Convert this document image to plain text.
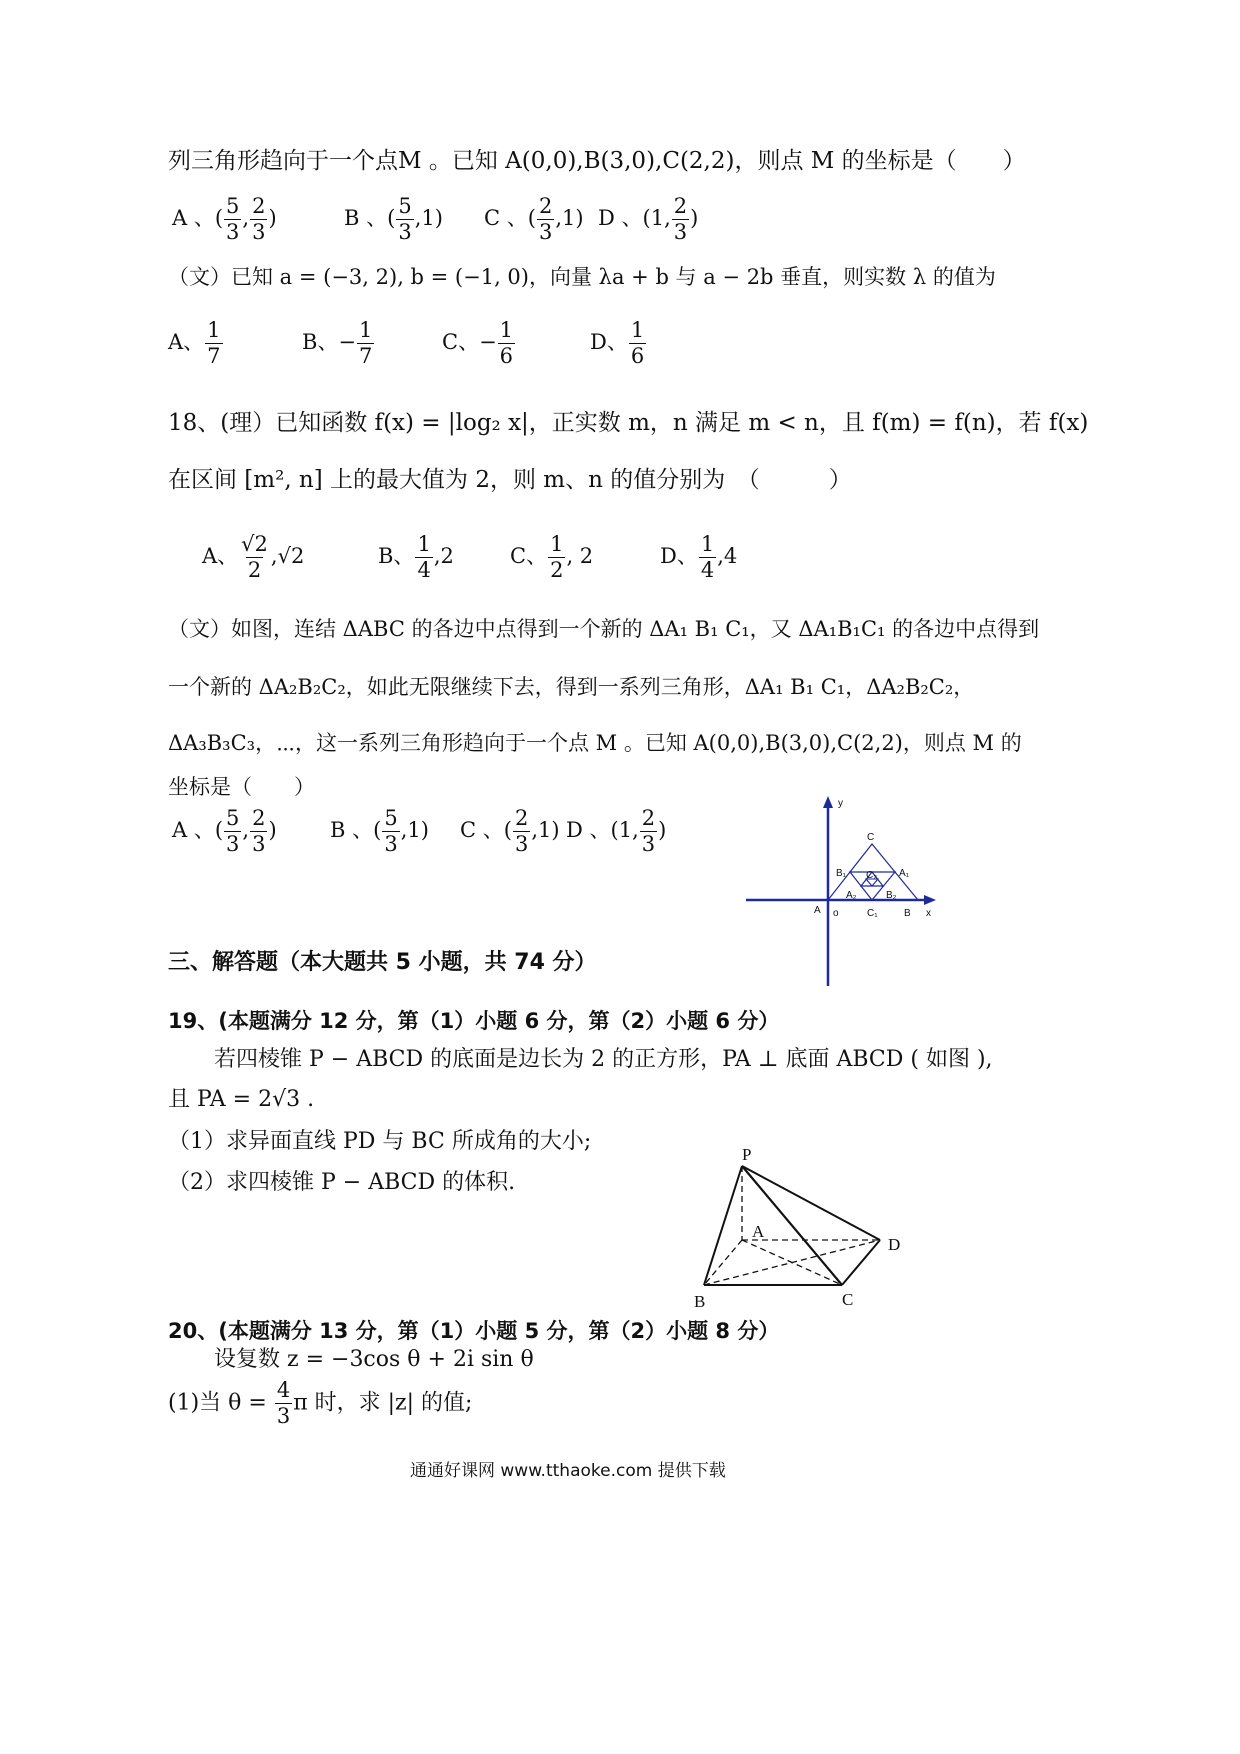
列三角形趋向于一个点M 。已知 A(0,0),B(3,0),C(2,2)，则点 M 的坐标是（　　）
A 、( $\frac{5}{3}$ , $\frac{2}{3}$ )	B 、( $\frac{5}{3} ,1$) C 、( $\frac{2}{3} ,1$) D 、(1, $\frac{2}{3}$ )
（文）已知 a = (−3, 2), b = (−1, 0)，向量 λa + b 与 a − 2b 垂直，则实数 λ 的值为
A、 $\frac{1}{7}$	B、− $\frac{1}{7}$	C、− $\frac{1}{6}$	D、 $\frac{1}{6}$
18、(理）已知函数 f(x) = |log₂ x|，正实数 m，n 满足 m < n，且 f(m) = f(n)，若 f(x)
在区间 [m², n] 上的最大值为 2，则 m、n 的值分别为　（　　　）
A、 $\frac{√2}{2} ,√2$	B、 $\frac{1}{4} ,2$	C、 $\frac{1}{2}$ , 2	D、 $\frac{1}{4} ,4$
（文）如图，连结 ΔABC 的各边中点得到一个新的 ΔA₁ B₁ C₁，又 ΔA₁B₁C₁ 的各边中点得到
一个新的 ΔA₂B₂C₂，如此无限继续下去，得到一系列三角形，ΔA₁ B₁ C₁，ΔA₂B₂C₂，
ΔA₃B₃C₃，⋯，这一系列三角形趋向于一个点 M 。已知 A(0,0),B(3,0),C(2,2)，则点 M 的
坐标是（　　）
A 、( $\frac{5}{3}$ , $\frac{2}{3}$ )	B 、( $\frac{5}{3} ,1$) C 、( $\frac{2}{3} ,1$) D 、(1, $\frac{2}{3}$ )
y
x
o
A	B
C
A₁
B₁
C₁
A₂	B₂
C₂
三、解答题（本大题共 5 小题，共 74 分）
19、(本题满分 12 分，第（1）小题 6 分，第（2）小题 6 分）
若四棱锥 P − ABCD 的底面是边长为 2 的正方形，PA ⊥ 底面 ABCD ( 如图 ),
且 PA = 2√3 .
（1）求异面直线 PD 与 BC 所成角的大小;
（2）求四棱锥 P − ABCD 的体积.
P
A
B	C
D
20、(本题满分 13 分，第（1）小题 5 分，第（2）小题 8 分）
设复数 z = −3cos θ + 2i sin θ
(1)当 $\theta = \frac{4}{3}$ π 时，求 |z| 的值;
通通好课网 www.tthaoke.com 提供下载
